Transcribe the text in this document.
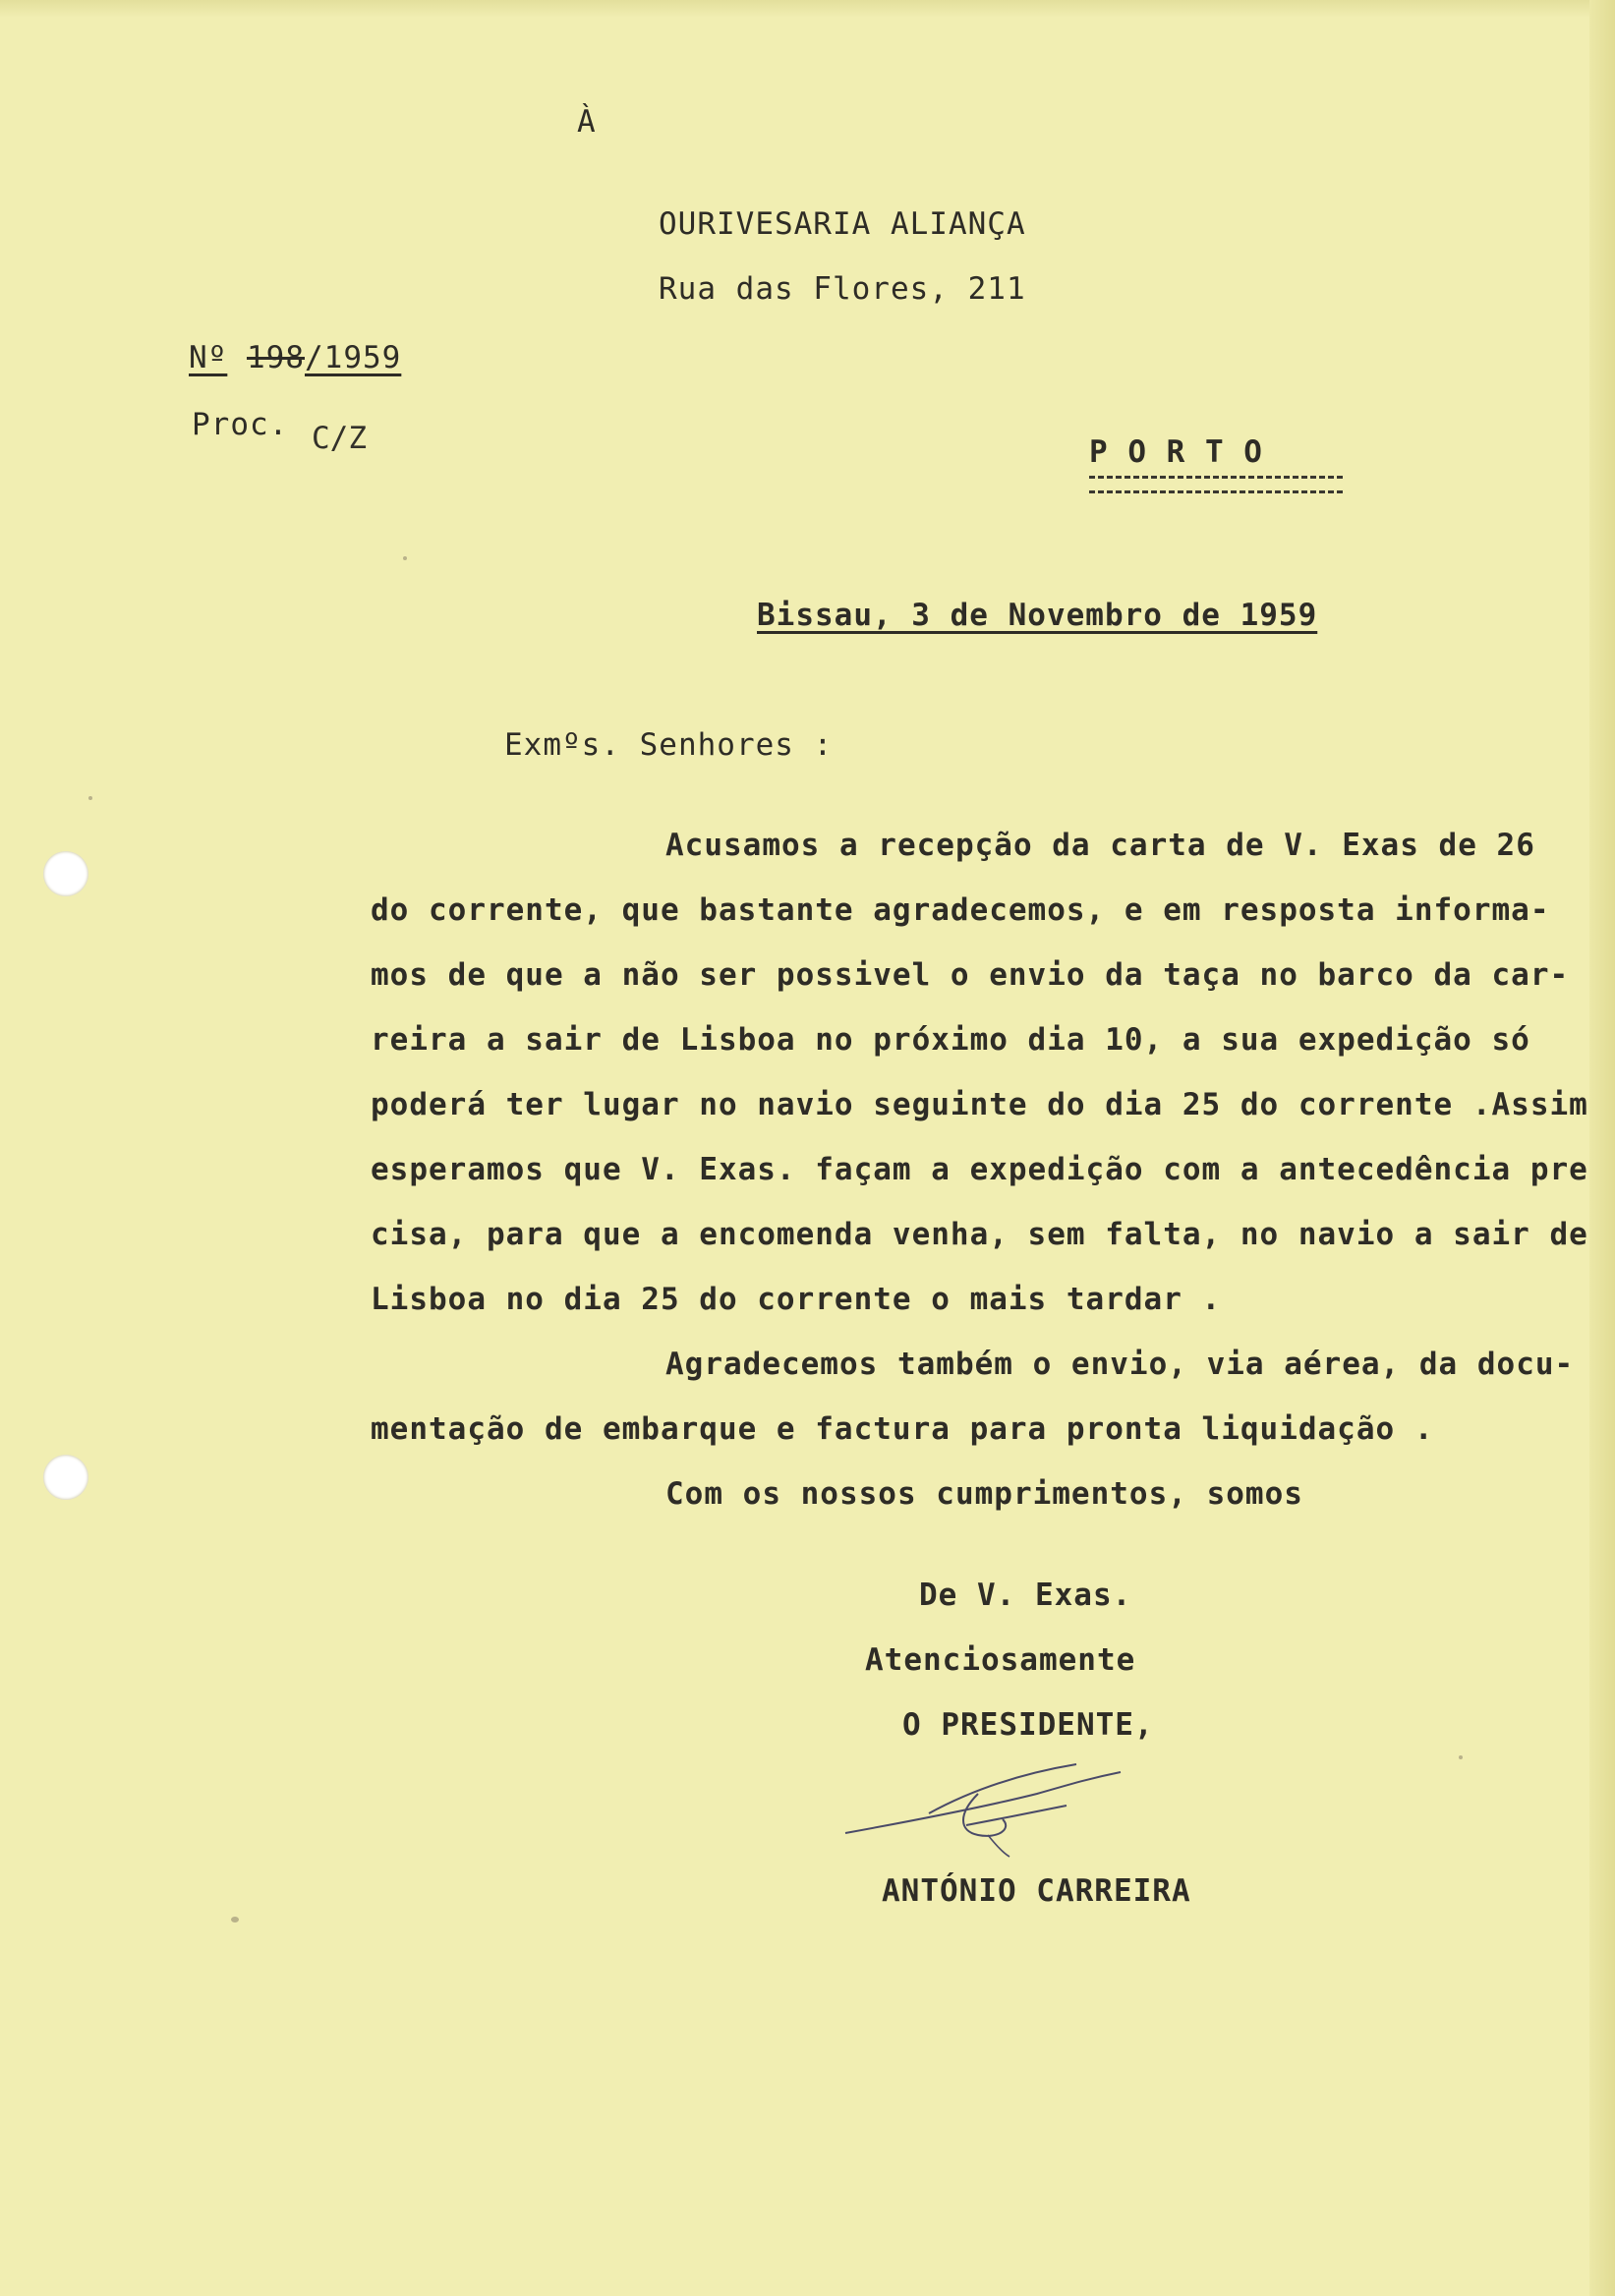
À
OURIVESARIA ALIANÇA
Rua das Flores, 211
Nº 198/1959
Proc. C/Z	P O R T O
Bissau, 3 de Novembro de 1959
Exmºs. Senhores :
Acusamos a recepção da carta de V. Exas de 26
do corrente, que bastante agradecemos, e em resposta informa-
mos de que a não ser possivel o envio da taça no barco da car-
reira a sair de Lisboa no próximo dia 10, a sua expedição só
poderá ter lugar no navio seguinte do dia 25 do corrente .Assim
esperamos que V. Exas. façam a expedição com a antecedência pre
cisa, para que a encomenda venha, sem falta, no navio a sair de
Lisboa no dia 25 do corrente o mais tardar .
Agradecemos também o envio, via aérea, da docu-
mentação de embarque e factura para pronta liquidação .
Com os nossos cumprimentos, somos
De V. Exas.
Atenciosamente
O PRESIDENTE,
ANTÓNIO CARREIRA
